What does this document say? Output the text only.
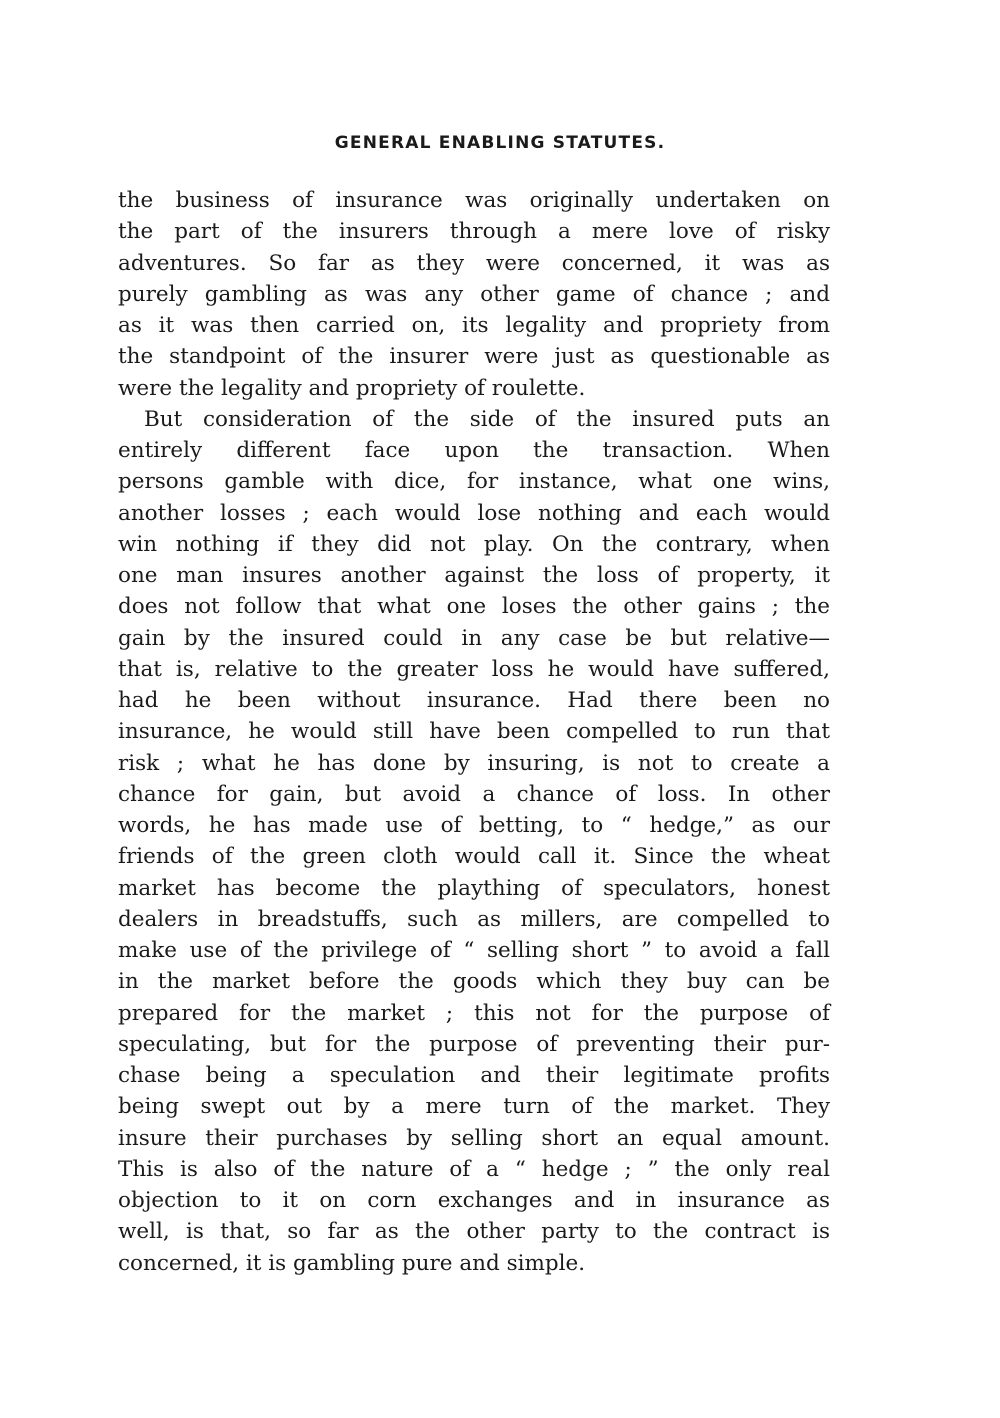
GENERAL ENABLING STATUTES.

the business of insurance was originally undertaken on
the part of the insurers through a mere love of risky
adventures. So far as they were concerned, it was as
purely gambling as was any other game of chance ; and
as it was then carried on, its legality and propriety from
the standpoint of the insurer were just as questionable as
were the legality and propriety of roulette.

But consideration of the side of the insured puts an
entirely different face upon the transaction. When
persons gamble with dice, for instance, what one wins,
another losses ; each would lose nothing and each would
win nothing if they did not play. On the contrary, when
one man insures another against the loss of property, it
does not follow that what one loses the other gains ; the
gain by the insured could in any case be but relative—
that is, relative to the greater loss he would have suffered,
had he been without insurance. Had there been no
insurance, he would still have been compelled to run that
risk ; what he has done by insuring, is not to create a
chance for gain, but avoid a chance of loss. In other
words, he has made use of betting, to “ hedge,” as our
friends of the green cloth would call it. Since the wheat
market has become the plaything of speculators, honest
dealers in breadstuffs, such as millers, are compelled to
make use of the privilege of “ selling short ” to avoid a fall
in the market before the goods which they buy can be
prepared for the market ; this not for the purpose of
speculating, but for the purpose of preventing their pur-
chase being a speculation and their legitimate profits
being swept out by a mere turn of the market. They
insure their purchases by selling short an equal amount.
This is also of the nature of a “ hedge ; ” the only real
objection to it on corn exchanges and in insurance as
well, is that, so far as the other party to the contract is
concerned, it is gambling pure and simple.
